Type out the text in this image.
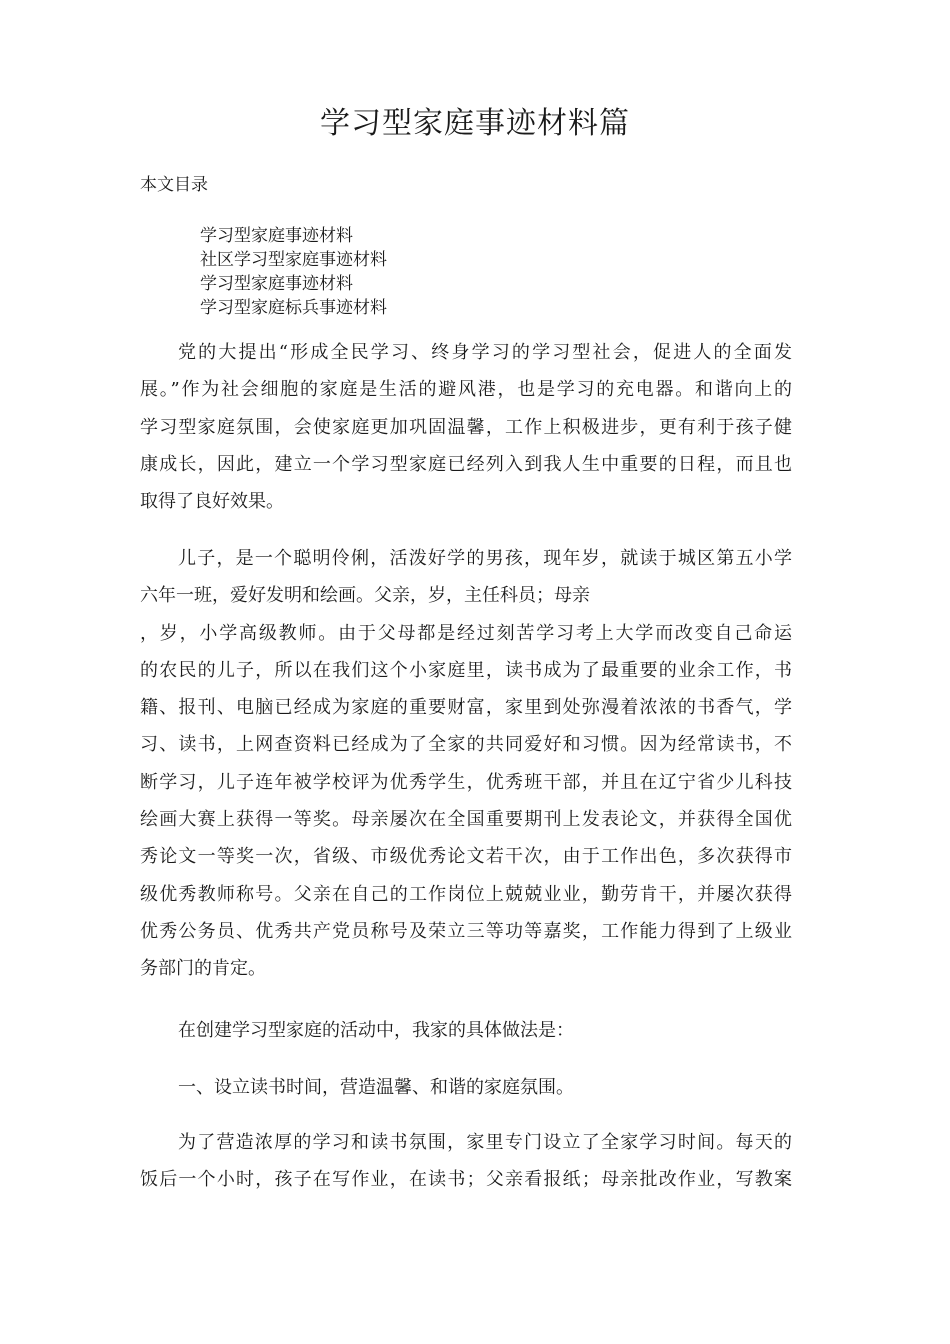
学习型家庭事迹材料篇
本文目录
学习型家庭事迹材料
社区学习型家庭事迹材料
学习型家庭事迹材料
学习型家庭标兵事迹材料
党的大提出“形成全民学习、终身学习的学习型社会，促进人的全面发
展。”作为社会细胞的家庭是生活的避风港，也是学习的充电器。和谐向上的
学习型家庭氛围，会使家庭更加巩固温馨，工作上积极进步，更有利于孩子健
康成长，因此，建立一个学习型家庭已经列入到我人生中重要的日程，而且也
取得了良好效果。
儿子，是一个聪明伶俐，活泼好学的男孩，现年岁，就读于城区第五小学
六年一班，爱好发明和绘画。父亲，岁，主任科员；母亲
，岁，小学高级教师。由于父母都是经过刻苦学习考上大学而改变自己命运
的农民的儿子，所以在我们这个小家庭里，读书成为了最重要的业余工作，书
籍、报刊、电脑已经成为家庭的重要财富，家里到处弥漫着浓浓的书香气，学
习、读书，上网查资料已经成为了全家的共同爱好和习惯。因为经常读书，不
断学习，儿子连年被学校评为优秀学生，优秀班干部，并且在辽宁省少儿科技
绘画大赛上获得一等奖。母亲屡次在全国重要期刊上发表论文，并获得全国优
秀论文一等奖一次，省级、市级优秀论文若干次，由于工作出色，多次获得市
级优秀教师称号。父亲在自己的工作岗位上兢兢业业，勤劳肯干，并屡次获得
优秀公务员、优秀共产党员称号及荣立三等功等嘉奖，工作能力得到了上级业
务部门的肯定。
在创建学习型家庭的活动中，我家的具体做法是：
一、设立读书时间，营造温馨、和谐的家庭氛围。
为了营造浓厚的学习和读书氛围，家里专门设立了全家学习时间。每天的
饭后一个小时，孩子在写作业，在读书；父亲看报纸；母亲批改作业，写教案
